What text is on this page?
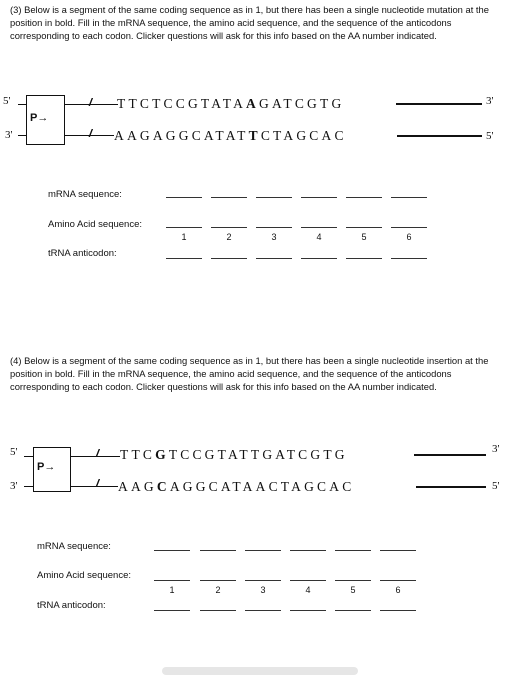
(3) Below is a segment of the same coding sequence as in 1, but there has been a single nucleotide mutation at the position in bold. Fill in the mRNA sequence, the amino acid sequence, and the sequence of the anticodons corresponding to each codon. Clicker questions will ask for this info based on the AA number indicated.
5'
3'
3'
5'
P→
//
//
TTCTCCGTATAAGATCGTG
AAGAGGCATATTCTAGCAC
mRNA sequence:
Amino Acid sequence:
tRNA anticodon:
1	2	3	4	5	6
(4) Below is a segment of the same coding sequence as in 1, but there has been a single nucleotide insertion at the position in bold. Fill in the mRNA sequence, the amino acid sequence, and the sequence of the anticodons corresponding to each codon. Clicker questions will ask for this info based on the AA number indicated.
5'
3'
3'
5'
P→
//
//
TTCGTCCGTATTGATCGTG
AAGCAGGCATAACTAGCAC
mRNA sequence:
Amino Acid sequence:
tRNA anticodon:
1	2	3	4	5	6
